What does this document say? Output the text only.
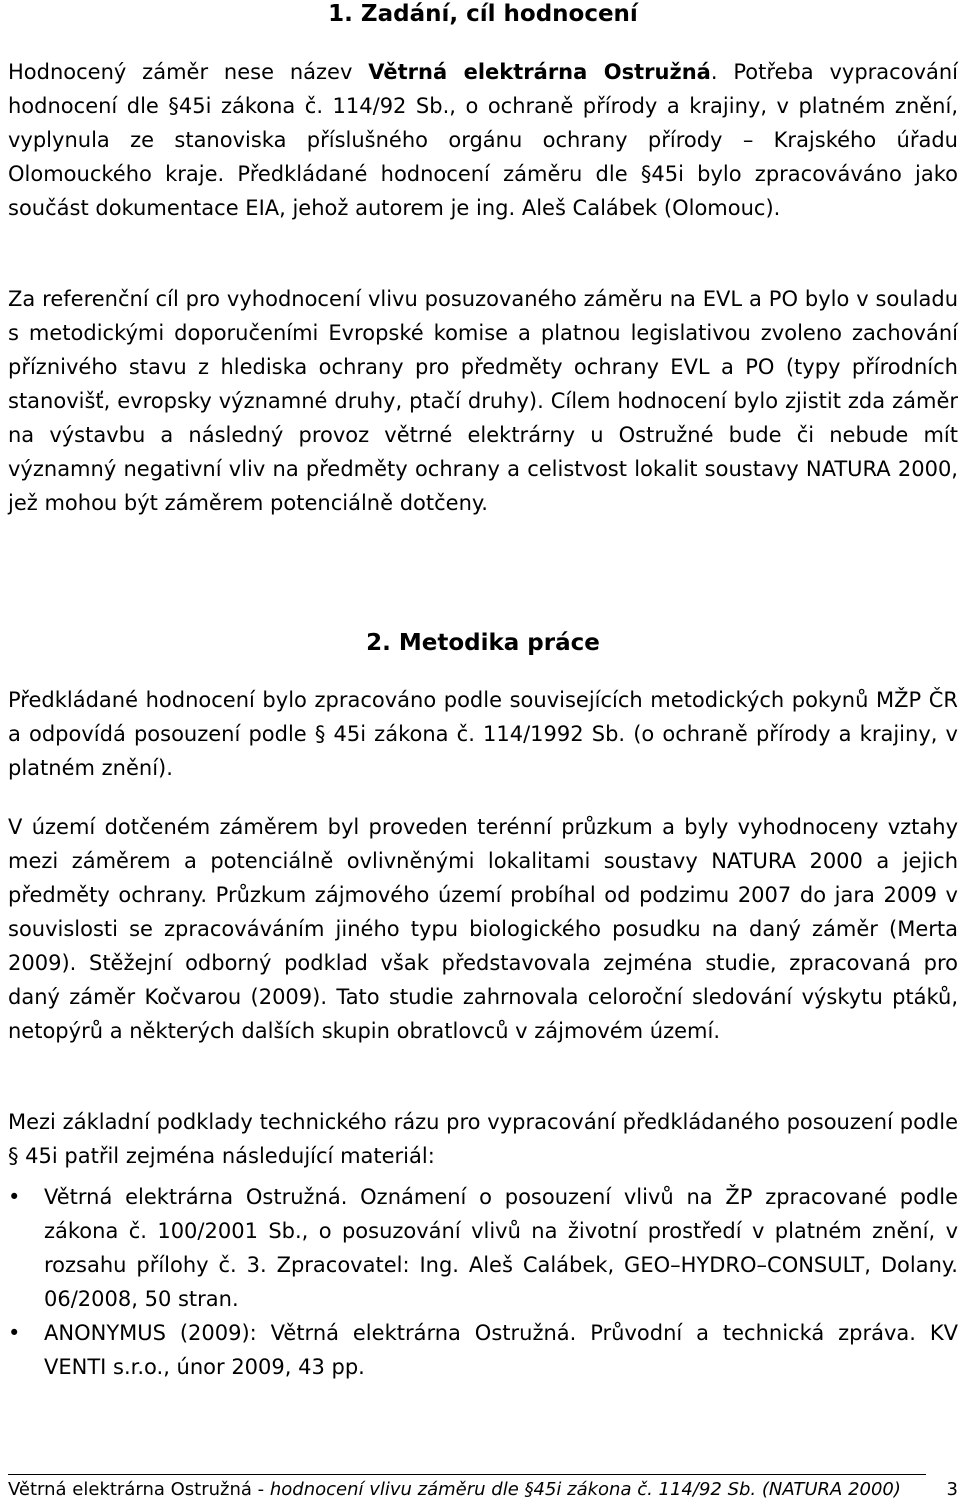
1. Zadání, cíl hodnocení

Hodnocený záměr nese název Větrná elektrárna Ostružná. Potřeba vypracování hodnocení dle §45i zákona č. 114/92 Sb., o ochraně přírody a krajiny, v platném znění, vyplynula ze stanoviska příslušného orgánu ochrany přírody – Krajského úřadu Olomouckého kraje. Předkládané hodnocení záměru dle §45i bylo zpracováváno jako součást dokumentace EIA, jehož autorem je ing. Aleš Calábek (Olomouc).

Za referenční cíl pro vyhodnocení vlivu posuzovaného záměru na EVL a PO bylo v souladu s metodickými doporučeními Evropské komise a platnou legislativou zvoleno zachování příznivého stavu z hlediska ochrany pro předměty ochrany EVL a PO (typy přírodních stanovišť, evropsky významné druhy, ptačí druhy). Cílem hodnocení bylo zjistit zda záměr na výstavbu a následný provoz větrné elektrárny u Ostružné bude či nebude mít významný negativní vliv na předměty ochrany a celistvost lokalit soustavy NATURA 2000, jež mohou být záměrem potenciálně dotčeny.

2. Metodika práce

Předkládané hodnocení bylo zpracováno podle souvisejících metodických pokynů MŽP ČR a odpovídá posouzení podle § 45i zákona č. 114/1992 Sb. (o ochraně přírody a krajiny, v platném znění).

V území dotčeném záměrem byl proveden terénní průzkum a byly vyhodnoceny vztahy mezi záměrem a potenciálně ovlivněnými lokalitami soustavy NATURA 2000 a jejich předměty ochrany. Průzkum zájmového území probíhal od podzimu 2007 do jara 2009 v souvislosti se zpracováváním jiného typu biologického posudku na daný záměr (Merta 2009). Stěžejní odborný podklad však představovala zejména studie, zpracovaná pro daný záměr Kočvarou (2009). Tato studie zahrnovala celoroční sledování výskytu ptáků, netopýrů a některých dalších skupin obratlovců v zájmovém území.

Mezi základní podklady technického rázu pro vypracování předkládaného posouzení podle § 45i patřil zejména následující materiál:

•	Větrná elektrárna Ostružná. Oznámení o posouzení vlivů na ŽP zpracované podle zákona č. 100/2001 Sb., o posuzování vlivů na životní prostředí v platném znění, v rozsahu přílohy č. 3. Zpracovatel: Ing. Aleš Calábek, GEO–HYDRO–CONSULT, Dolany. 06/2008, 50 stran.
•	ANONYMUS (2009): Větrná elektrárna Ostružná. Průvodní a technická zpráva. KV VENTI s.r.o., únor 2009, 43 pp.
Větrná elektrárna Ostružná - hodnocení vlivu záměru dle §45i zákona č. 114/92 Sb. (NATURA 2000)	3
